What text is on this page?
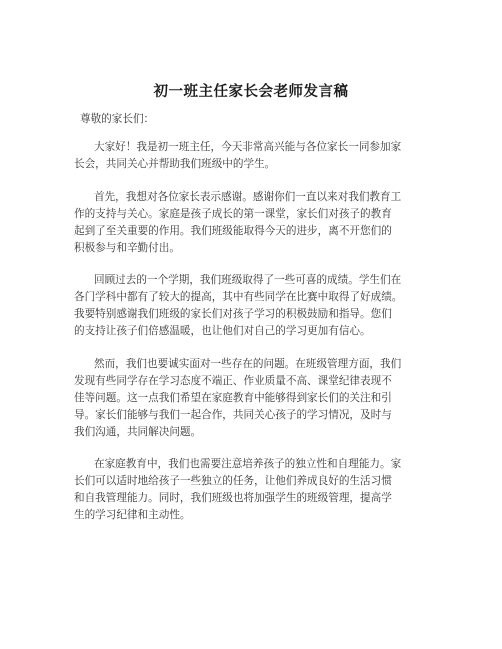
初一班主任家长会老师发言稿
尊敬的家长们：
大家好！我是初一班主任，今天非常高兴能与各位家长一同参加家
长会，共同关心并帮助我们班级中的学生。
首先，我想对各位家长表示感谢。感谢你们一直以来对我们教育工
作的支持与关心。家庭是孩子成长的第一课堂，家长们对孩子的教育
起到了至关重要的作用。我们班级能取得今天的进步，离不开您们的
积极参与和辛勤付出。
回顾过去的一个学期，我们班级取得了一些可喜的成绩。学生们在
各门学科中都有了较大的提高，其中有些同学在比赛中取得了好成绩。
我要特别感谢我们班级的家长们对孩子学习的积极鼓励和指导。您们
的支持让孩子们倍感温暖，也让他们对自己的学习更加有信心。
然而，我们也要诚实面对一些存在的问题。在班级管理方面，我们
发现有些同学存在学习态度不端正、作业质量不高、课堂纪律表现不
佳等问题。这一点我们希望在家庭教育中能够得到家长们的关注和引
导。家长们能够与我们一起合作，共同关心孩子的学习情况，及时与
我们沟通，共同解决问题。
在家庭教育中，我们也需要注意培养孩子的独立性和自理能力。家
长们可以适时地给孩子一些独立的任务，让他们养成良好的生活习惯
和自我管理能力。同时，我们班级也将加强学生的班级管理，提高学
生的学习纪律和主动性。
